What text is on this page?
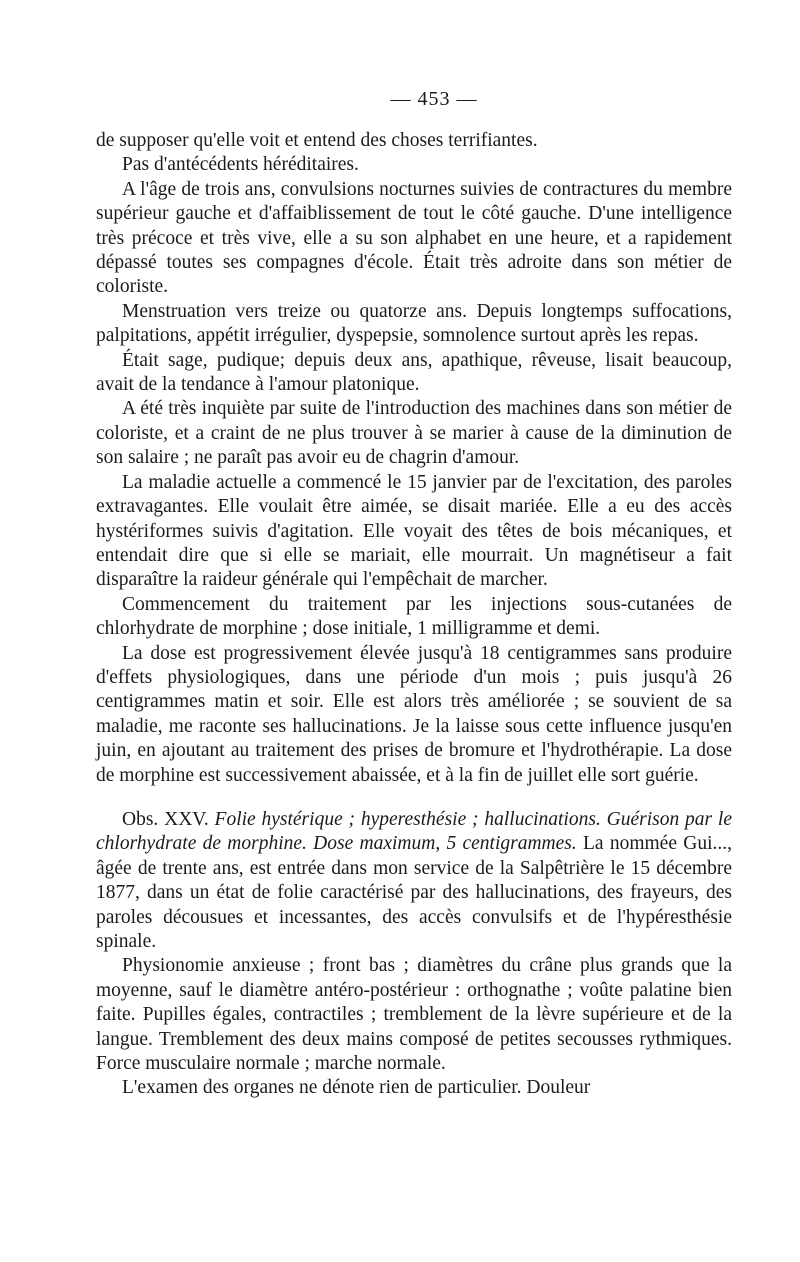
— 453 —

de supposer qu'elle voit et entend des choses terrifiantes.

Pas d'antécédents héréditaires.

A l'âge de trois ans, convulsions nocturnes suivies de contractures du membre supérieur gauche et d'affaiblissement de tout le côté gauche. D'une intelligence très précoce et très vive, elle a su son alphabet en une heure, et a rapidement dépassé toutes ses compagnes d'école. Était très adroite dans son métier de coloriste.

Menstruation vers treize ou quatorze ans. Depuis longtemps suffocations, palpitations, appétit irrégulier, dyspepsie, somnolence surtout après les repas.

Était sage, pudique; depuis deux ans, apathique, rêveuse, lisait beaucoup, avait de la tendance à l'amour platonique.

A été très inquiète par suite de l'introduction des machines dans son métier de coloriste, et a craint de ne plus trouver à se marier à cause de la diminution de son salaire ; ne paraît pas avoir eu de chagrin d'amour.

La maladie actuelle a commencé le 15 janvier par de l'excitation, des paroles extravagantes. Elle voulait être aimée, se disait mariée. Elle a eu des accès hystériformes suivis d'agitation. Elle voyait des têtes de bois mécaniques, et entendait dire que si elle se mariait, elle mourrait. Un magnétiseur a fait disparaître la raideur générale qui l'empêchait de marcher.

Commencement du traitement par les injections sous-cutanées de chlorhydrate de morphine ; dose initiale, 1 milligramme et demi.

La dose est progressivement élevée jusqu'à 18 centigrammes sans produire d'effets physiologiques, dans une période d'un mois ; puis jusqu'à 26 centigrammes matin et soir. Elle est alors très améliorée ; se souvient de sa maladie, me raconte ses hallucinations. Je la laisse sous cette influence jusqu'en juin, en ajoutant au traitement des prises de bromure et l'hydrothérapie. La dose de morphine est successivement abaissée, et à la fin de juillet elle sort guérie.

Obs. XXV. Folie hystérique ; hyperesthésie ; hallucinations. Guérison par le chlorhydrate de morphine. Dose maximum, 5 centigrammes. La nommée Gui..., âgée de trente ans, est entrée dans mon service de la Salpêtrière le 15 décembre 1877, dans un état de folie caractérisé par des hallucinations, des frayeurs, des paroles décousues et incessantes, des accès convulsifs et de l'hypéresthésie spinale.

Physionomie anxieuse ; front bas ; diamètres du crâne plus grands que la moyenne, sauf le diamètre antéro-postérieur : orthognathe ; voûte palatine bien faite. Pupilles égales, contractiles ; tremblement de la lèvre supérieure et de la langue. Tremblement des deux mains composé de petites secousses rythmiques. Force musculaire normale ; marche normale.

L'examen des organes ne dénote rien de particulier. Douleur
